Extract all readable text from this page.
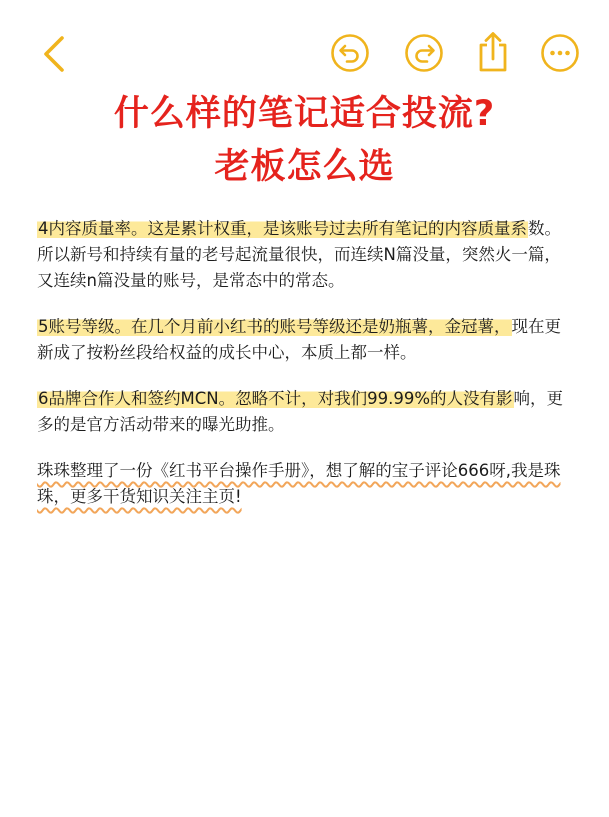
什么样的笔记适合投流?
老板怎么选

4内容质量率。这是累计权重，是该账号过去所有笔记的内容质量系数。所以新号和持续有量的老号起流量很快，而连续N篇没量，突然火一篇，又连续n篇没量的账号，是常态中的常态。

5账号等级。在几个月前小红书的账号等级还是奶瓶薯，金冠薯，现在更新成了按粉丝段给权益的成长中心，本质上都一样。

6品牌合作人和签约MCN。忽略不计，对我们99.99%的人没有影响，更多的是官方活动带来的曝光助推。

珠珠整理了一份《红书平台操作手册》，想了解的宝子评论666呀,我是珠珠，更多干货知识关注主页!
